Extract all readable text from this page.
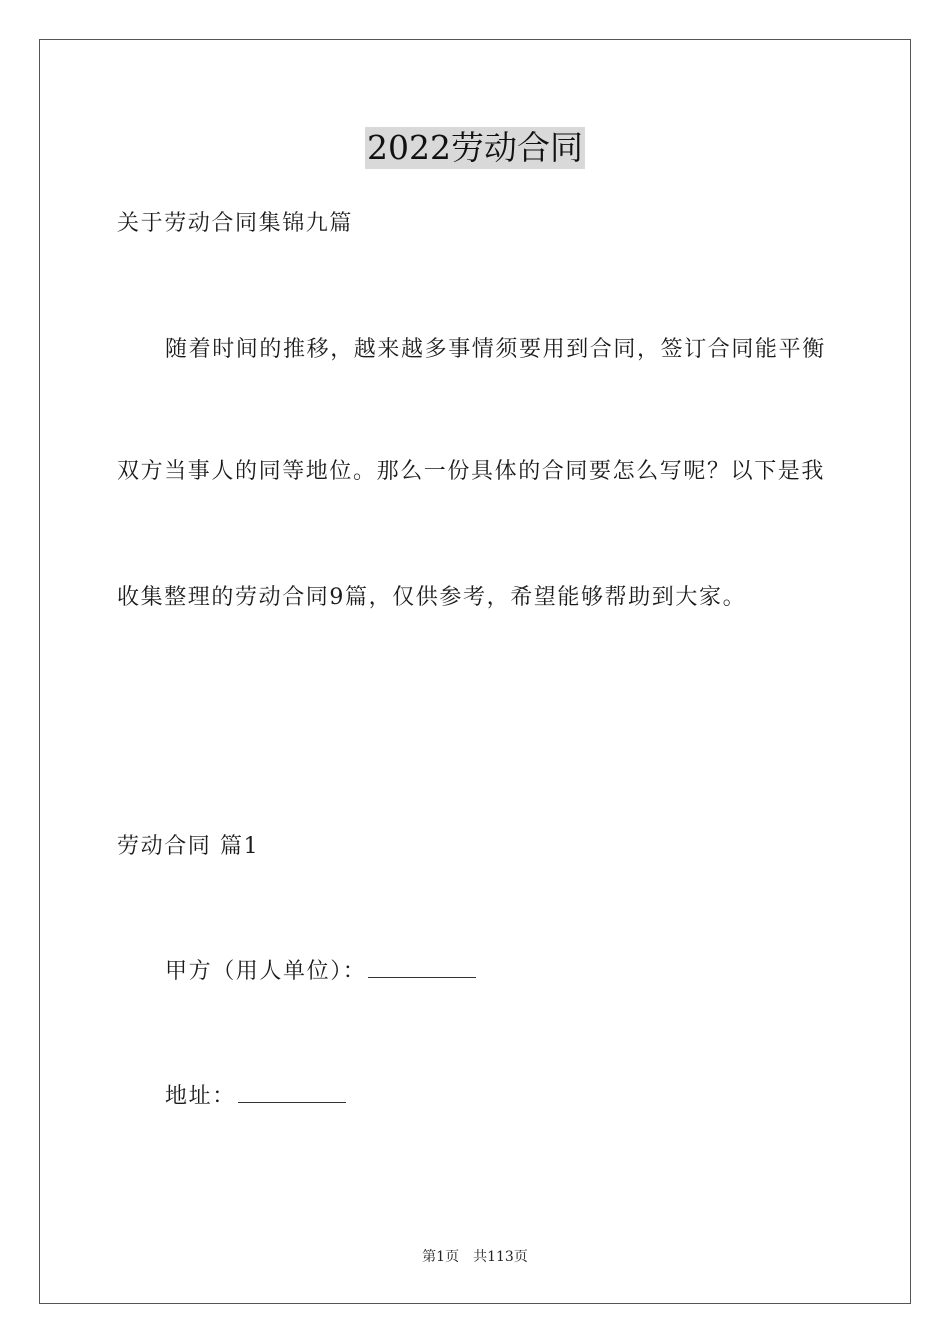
2022劳动合同
关于劳动合同集锦九篇
随着时间的推移，越来越多事情须要用到合同，签订合同能平衡
双方当事人的同等地位。那么一份具体的合同要怎么写呢？以下是我
收集整理的劳动合同9篇，仅供参考，希望能够帮助到大家。
劳动合同 篇1
甲方（用人单位）：
地址：
第1页 共113页
